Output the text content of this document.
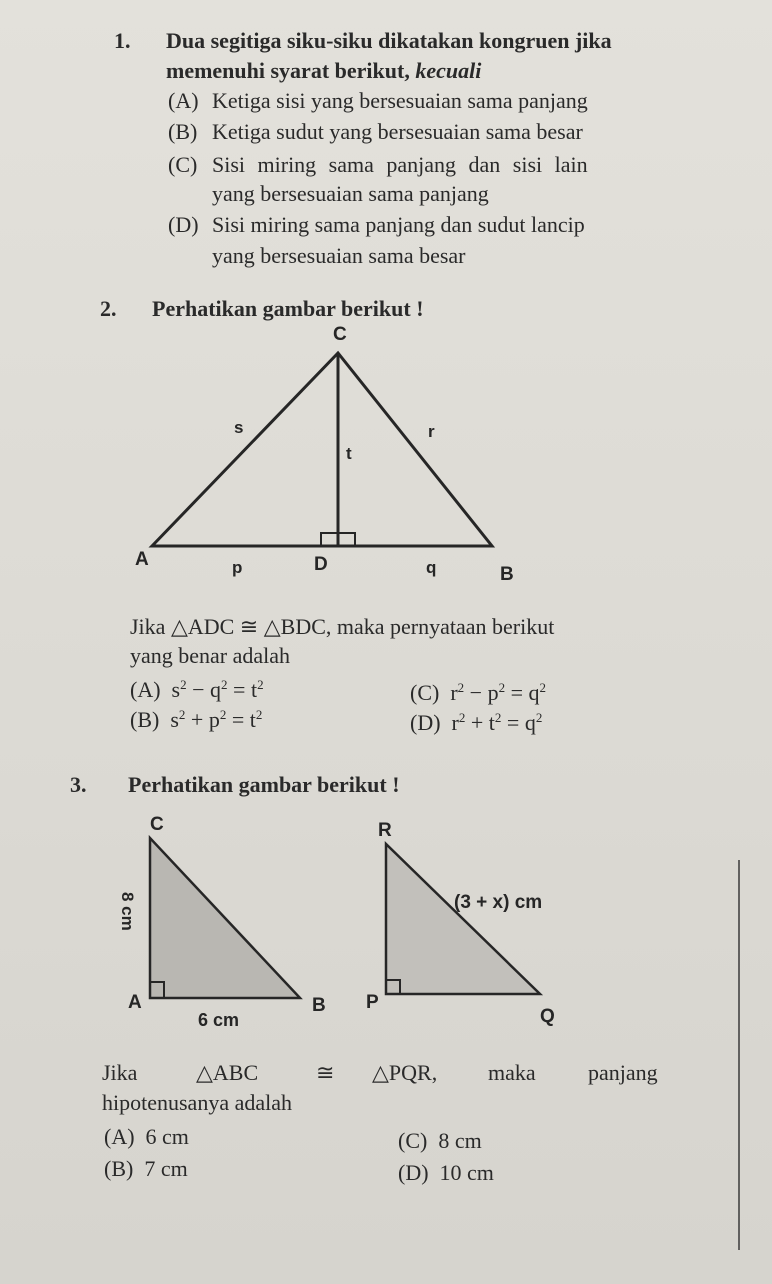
1. Dua segitiga siku-siku dikatakan kongruen jika
memenuhi syarat berikut, kecuali
(A) Ketiga sisi yang bersesuaian sama panjang
(B) Ketiga sudut yang bersesuaian sama besar
(C) Sisi miring sama panjang dan sisi lain
yang bersesuaian sama panjang
(D) Sisi miring sama panjang dan sudut lancip
yang bersesuaian sama besar
2. Perhatikan gambar berikut !
C
A
B
D
s	r
t
p	q
Jika △ADC ≅ △BDC, maka pernyataan berikut
yang benar adalah
(A) $s^2 - q^2 = t^2$
(B) $s^2 + p^2 = t^2$
(C) $r^2 - p^2 = q^2$
(D) $r^2 + t^2 = q^2$
3. Perhatikan gambar berikut !
C
A	B
6 cm
8 cm
R
P
Q
(3 + x) cm
Jika	△ABC	≅ △PQR, maka panjang
hipotenusanya adalah
(A) 6 cm
(B) 7 cm
(C) 8 cm
(D) 10 cm
